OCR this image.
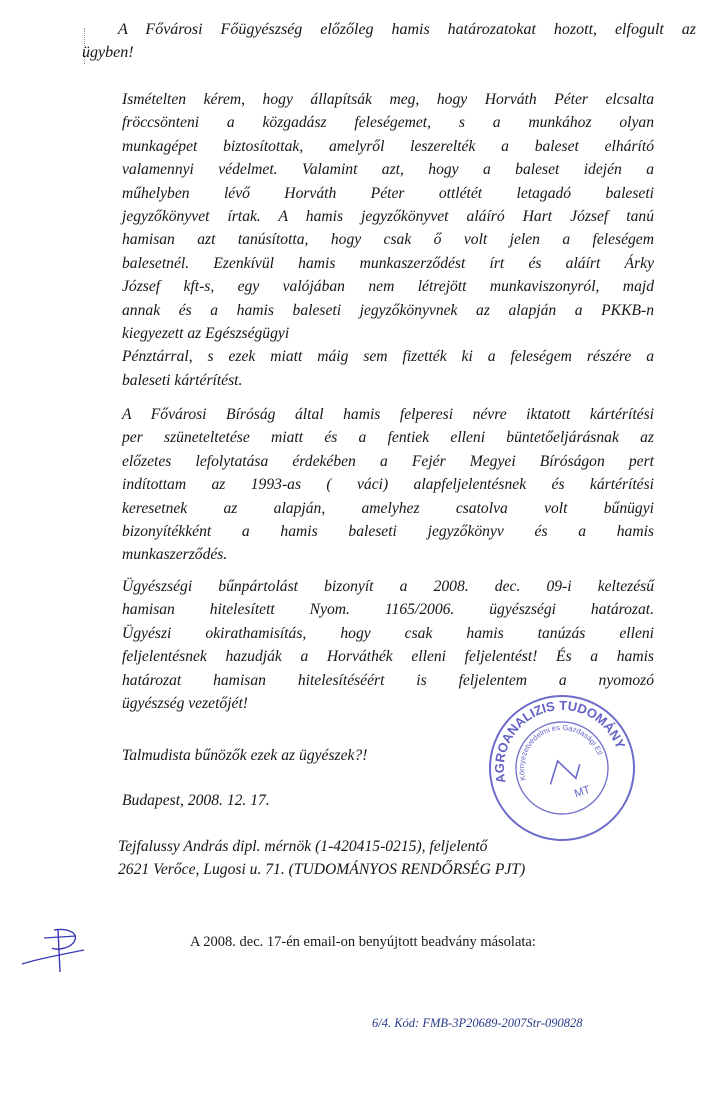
A Fővárosi Főügyészség előzőleg hamis határozatokat hozott, elfogult az
ügyben!
Ismételten kérem, hogy állapítsák meg, hogy Horváth Péter elcsalta
fröccsönteni a közgadász feleségemet, s a munkához olyan
munkagépet biztosítottak, amelyről leszerelték a baleset elhárító
valamennyi védelmet. Valamint azt, hogy a baleset idején a
műhelyben lévő Horváth Péter ottlétét letagadó baleseti
jegyzőkönyvet írtak. A hamis jegyzőkönyvet aláíró Hart József tanú
hamisan azt tanúsította, hogy csak ő volt jelen a feleségem
balesetnél. Ezenkívül hamis munkaszerződést írt és aláírt Árky
József kft-s, egy valójában nem létrejött munkaviszonyról, majd
annak és a hamis baleseti jegyzőkönyvnek az alapján a PKKB-n
kiegyezett az Egészségügyi
Pénztárral, s ezek miatt máig sem fizették ki a feleségem részére a
baleseti kártérítést.
A Fővárosi Bíróság által hamis felperesi névre iktatott kártérítési
per szüneteltetése miatt és a fentiek elleni büntetőeljárásnak az
előzetes lefolytatása érdekében a Fejér Megyei Bíróságon pert
indítottam az 1993-as ( váci) alapfeljelentésnek és kártérítési
keresetnek az alapján, amelyhez csatolva volt bűnügyi
bizonyítékként a hamis baleseti jegyzőkönyv és a hamis
munkaszerződés.
Ügyészségi bűnpártolást bizonyít a 2008. dec. 09-i keltezésű
hamisan hitelesített Nyom. 1165/2006. ügyészségi határozat.
Ügyészi okirathamisítás, hogy csak hamis tanúzás elleni
feljelentésnek hazudják a Horváthék elleni feljelentést! És a hamis
határozat hamisan hitelesítéséért is feljelentem a nyomozó
ügyészség vezetőjét!
Talmudista bűnözők ezek az ügyészek?!
Budapest, 2008. 12. 17.
Tejfalussy András dipl. mérnök (1-420415-0215), feljelentő
2621 Verőce, Lugosi u. 71. (TUDOMÁNYOS RENDŐRSÉG PJT)
AGROANALIZIS TUDOMÁNYOS
Környezetvédelmi és Gazdasági Ellenőrző
MT
A 2008. dec. 17-én email-on benyújtott beadvány másolata:
6/4. Kód: FMB-3P20689-2007Str-090828
